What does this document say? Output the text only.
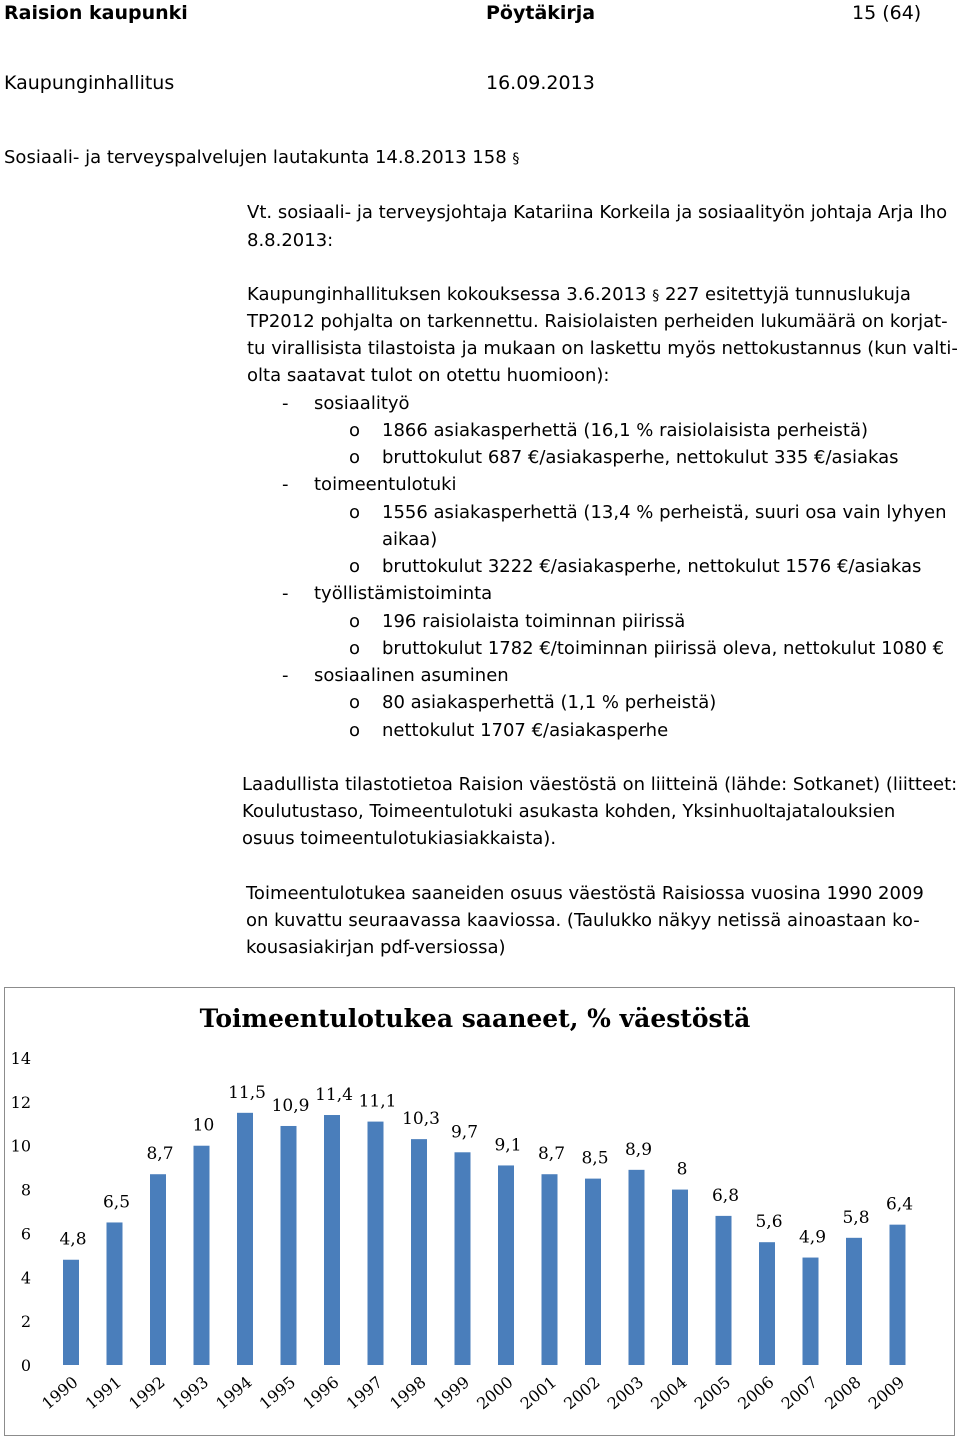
Raision kaupunki	Pöytäkirja	15 (64)
Kaupunginhallitus	16.09.2013
Sosiaali- ja terveyspalvelujen lautakunta 14.8.2013 158 §
Vt. sosiaali- ja terveysjohtaja Katariina Korkeila ja sosiaalityön johtaja Arja Iho
8.8.2013:
Kaupunginhallituksen kokouksessa 3.6.2013 § 227 esitettyjä tunnuslukuja
TP2012 pohjalta on tarkennettu. Raisiolaisten perheiden lukumäärä on korjat-
tu virallisista tilastoista ja mukaan on laskettu myös nettokustannus (kun valti-
olta saatavat tulot on otettu huomioon):
- sosiaalityö
o 1866 asiakasperhettä (16,1 % raisiolaisista perheistä)
o bruttokulut 687 €/asiakasperhe, nettokulut 335 €/asiakas
- toimeentulotuki
o 1556 asiakasperhettä (13,4 % perheistä, suuri osa vain lyhyen
aikaa)
o bruttokulut 3222 €/asiakasperhe, nettokulut 1576 €/asiakas
- työllistämistoiminta
o 196 raisiolaista toiminnan piirissä
o bruttokulut 1782 €/toiminnan piirissä oleva, nettokulut 1080 €
- sosiaalinen asuminen
o 80 asiakasperhettä (1,1 % perheistä)
o nettokulut 1707 €/asiakasperhe
Laadullista tilastotietoa Raision väestöstä on liitteinä (lähde: Sotkanet) (liitteet:
Koulutustaso, Toimeentulotuki asukasta kohden, Yksinhuoltajatalouksien
osuus toimeentulotukiasiakkaista).
Toimeentulotukea saaneiden osuus väestöstä Raisiossa vuosina 1990 2009
on kuvattu seuraavassa kaaviossa. (Taulukko näkyy netissä ainoastaan ko-
kousasiakirjan pdf-versiossa)
Toimeentulotukea saaneet, % väestöstä
0
2
4
6
8
10
12
14
4,8
6,5
8,7
10
11,5
10,9
11,4 11,1
10,3
9,7
9,1 8,7 8,5 8,9
8
6,8
5,6
4,9
5,8
6,4
1990 1991 1992 1993 1994 1995 1996 1997 1998 1999 2000 2001 2002 2003 2004 2005 2006 2007 2008 2009
